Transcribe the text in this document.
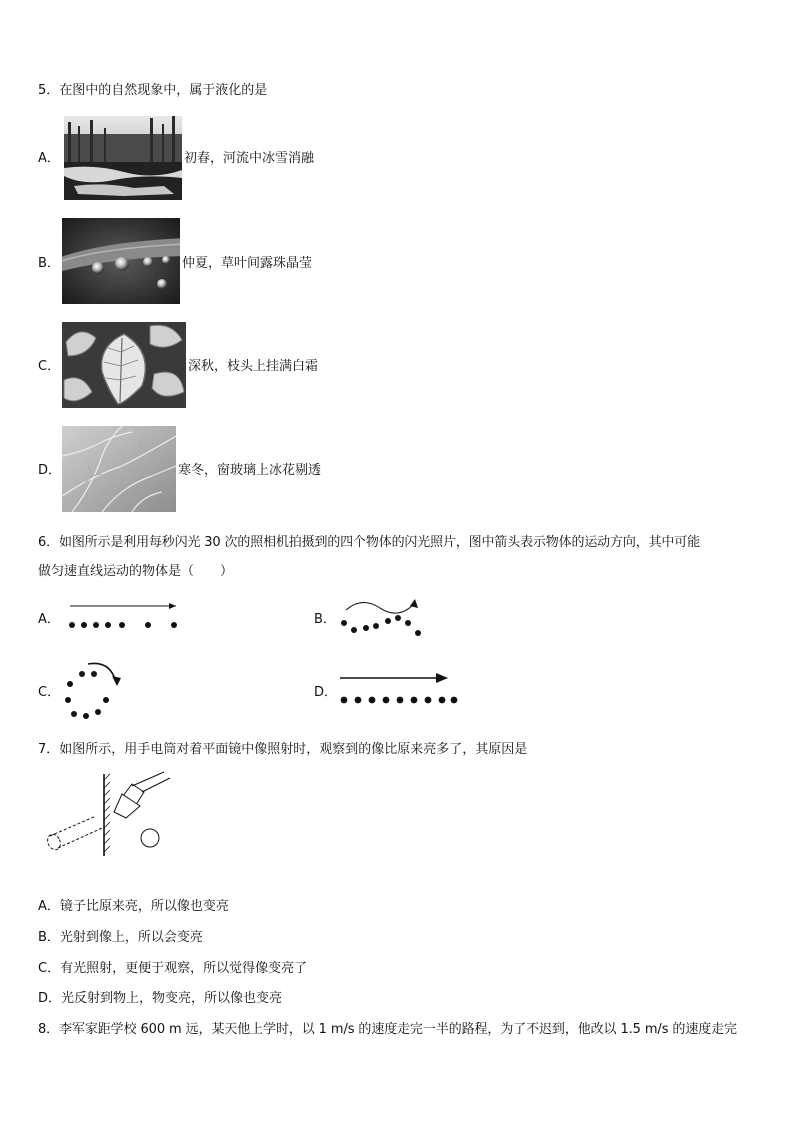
5．在图中的自然现象中，属于液化的是
A．	初春，河流中冰雪消融
B．	仲夏，草叶间露珠晶莹
C．	深秋，枝头上挂满白霜
D．	寒冬，窗玻璃上冰花剔透
6．如图所示是利用每秒闪光 30 次的照相机拍摄到的四个物体的闪光照片，图中箭头表示物体的运动方向，其中可能
做匀速直线运动的物体是（　　）
A．	B．
C．	D．
7．如图所示，用手电筒对着平面镜中像照射时，观察到的像比原来亮多了，其原因是
A．镜子比原来亮，所以像也变亮
B．光射到像上，所以会变亮
C．有光照射，更便于观察，所以觉得像变亮了
D．光反射到物上，物变亮，所以像也变亮
8．李军家距学校 600 m 远，某天他上学时，以 1 m/s 的速度走完一半的路程，为了不迟到，他改以 1.5 m/s 的速度走完
